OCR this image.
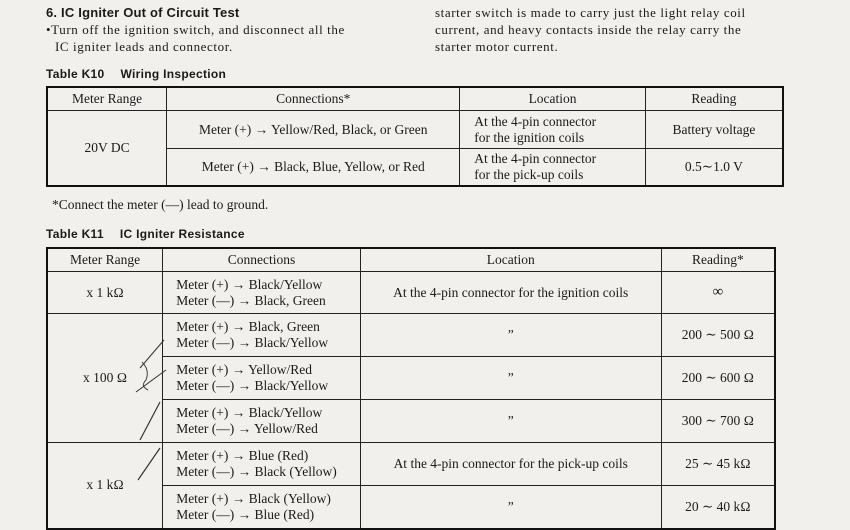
6. IC Igniter Out of Circuit Test
•Turn off the ignition switch, and disconnect all the
IC igniter leads and connector.
starter switch is made to carry just the light relay coil
current, and heavy contacts inside the relay carry the
starter motor current.
Table K10 Wiring Inspection
Meter Range	Connections*	Location	Reading
20V DC	Meter (+) → Yellow/Red, Black, or Green	At the 4-pin connector
for the ignition coils	Battery voltage
	Meter (+) → Black, Blue, Yellow, or Red	At the 4-pin connector
for the pick-up coils	0.5∼1.0 V
*Connect the meter (—) lead to ground.
Table K11 IC Igniter Resistance
Meter Range	Connections	Location	Reading*
x 1 kΩ	Meter (+) → Black/Yellow
Meter (—) → Black, Green	At the 4-pin connector for the ignition coils	∞
x 100 Ω	Meter (+) → Black, Green
Meter (—) → Black/Yellow	”	200 ∼ 500 Ω
	Meter (+) → Yellow/Red
Meter (—) → Black/Yellow	”	200 ∼ 600 Ω
	Meter (+) → Black/Yellow
Meter (—) → Yellow/Red	”	300 ∼ 700 Ω
x 1 kΩ	Meter (+) → Blue (Red)
Meter (—) → Black (Yellow)	At the 4-pin connector for the pick-up coils	25 ∼ 45 kΩ
	Meter (+) → Black (Yellow)
Meter (—) → Blue (Red)	”	20 ∼ 40 kΩ
